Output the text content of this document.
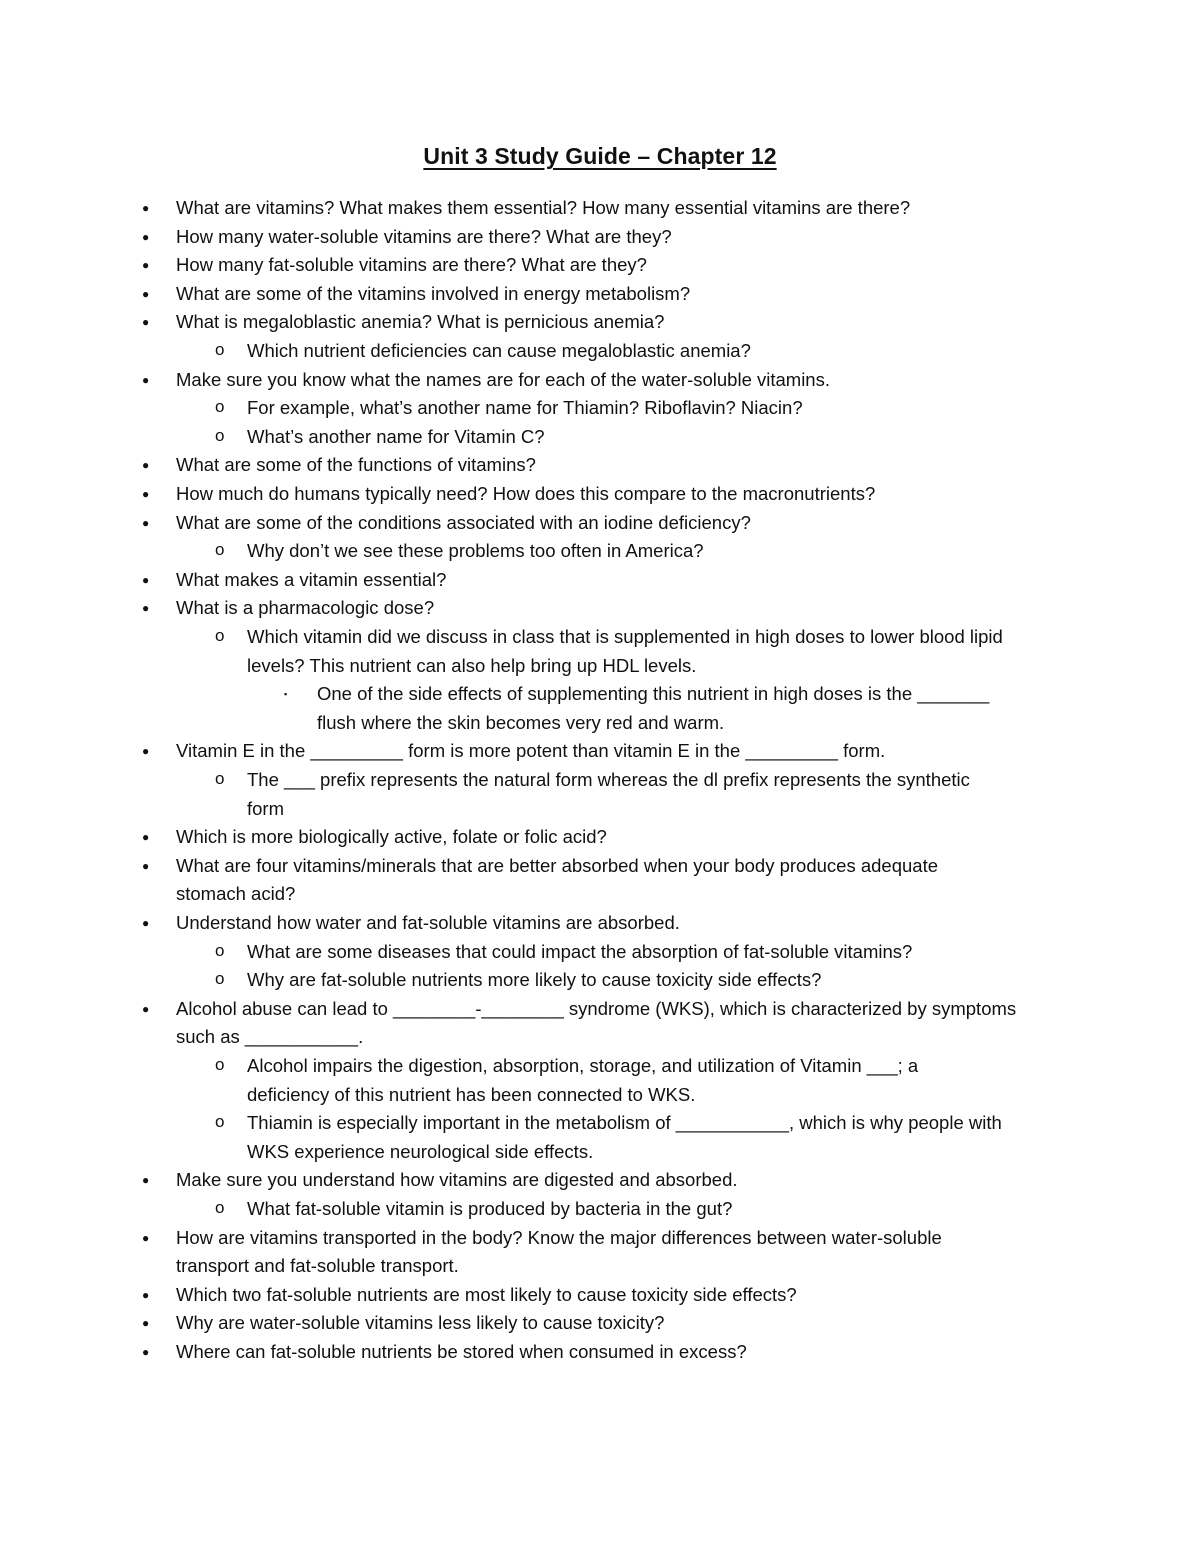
Unit 3 Study Guide – Chapter 12
● What are vitamins? What makes them essential? How many essential vitamins are there?
● How many water-soluble vitamins are there? What are they?
● How many fat-soluble vitamins are there? What are they?
● What are some of the vitamins involved in energy metabolism?
● What is megaloblastic anemia? What is pernicious anemia?
o Which nutrient deficiencies can cause megaloblastic anemia?
● Make sure you know what the names are for each of the water-soluble vitamins.
o For example, what’s another name for Thiamin? Riboflavin? Niacin?
o What’s another name for Vitamin C?
● What are some of the functions of vitamins?
● How much do humans typically need? How does this compare to the macronutrients?
● What are some of the conditions associated with an iodine deficiency?
o Why don’t we see these problems too often in America?
● What makes a vitamin essential?
● What is a pharmacologic dose?
o Which vitamin did we discuss in class that is supplemented in high doses to lower blood lipid
levels? This nutrient can also help bring up HDL levels.
▪ One of the side effects of supplementing this nutrient in high doses is the _______
flush where the skin becomes very red and warm.
● Vitamin E in the _________ form is more potent than vitamin E in the _________ form.
o The ___ prefix represents the natural form whereas the dl prefix represents the synthetic
form
● Which is more biologically active, folate or folic acid?
● What are four vitamins/minerals that are better absorbed when your body produces adequate
stomach acid?
● Understand how water and fat-soluble vitamins are absorbed.
o What are some diseases that could impact the absorption of fat-soluble vitamins?
o Why are fat-soluble nutrients more likely to cause toxicity side effects?
● Alcohol abuse can lead to ________-________ syndrome (WKS), which is characterized by symptoms
such as ___________.
o Alcohol impairs the digestion, absorption, storage, and utilization of Vitamin ___; a
deficiency of this nutrient has been connected to WKS.
o Thiamin is especially important in the metabolism of ___________, which is why people with
WKS experience neurological side effects.
● Make sure you understand how vitamins are digested and absorbed.
o What fat-soluble vitamin is produced by bacteria in the gut?
● How are vitamins transported in the body? Know the major differences between water-soluble
transport and fat-soluble transport.
● Which two fat-soluble nutrients are most likely to cause toxicity side effects?
● Why are water-soluble vitamins less likely to cause toxicity?
● Where can fat-soluble nutrients be stored when consumed in excess?
